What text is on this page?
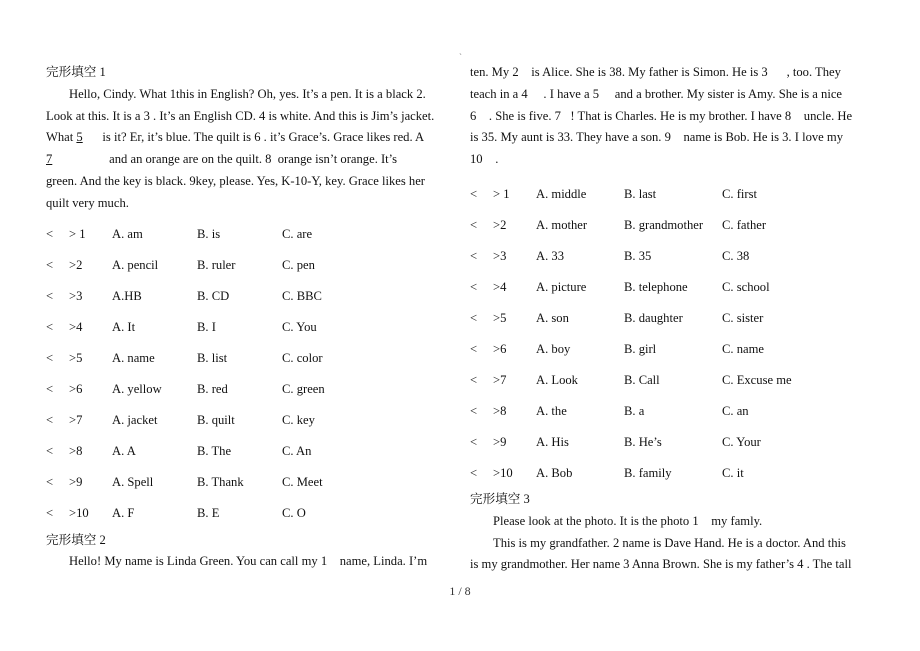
`
完形填空 1
Hello, Cindy. What 1this in English? Oh, yes. It’s a pen. It is a black 2.
Look at this. It is a 3 . It’s an English CD. 4 is white. And this is Jim’s jacket.
What 5 is it? Er, it’s blue. The quilt is 6 . it’s Grace’s. Grace likes red. A
7	and an orange are on the quilt. 8  orange isn’t orange. It’s
green. And the key is black. 9key, please. Yes, K-10-Y, key. Grace likes her
quilt very much.
<	> 1	A. am	B. is	C. are
<	>2	A. pencil	B. ruler	C. pen
<	>3	A.HB	B. CD	C. BBC
<	>4	A. It	B. I	C. You
<	>5	A. name	B. list	C. color
<	>6	A. yellow	B. red	C. green
<	>7	A. jacket	B. quilt	C. key
<	>8	A. A	B. The	C. An
<	>9	A. Spell	B. Thank	C. Meet
<	>10	A. F	B. E	C. O
完形填空 2
Hello! My name is Linda Green. You can call my 1    name, Linda. I’m
ten. My 2    is Alice. She is 38. My father is Simon. He is 3      , too. They
teach in a 4     . I have a 5     and a brother. My sister is Amy. She is a nice
6    . She is five. 7   ! That is Charles. He is my brother. I have 8    uncle. He
is 35. My aunt is 33. They have a son. 9    name is Bob. He is 3. I love my
10    .
<	> 1	A. middle	B. last	C. first
<	>2	A. mother	B. grandmother	C. father
<	>3	A. 33	B. 35	C. 38
<	>4	A. picture	B. telephone	C. school
<	>5	A. son	B. daughter	C. sister
<	>6	A. boy	B. girl	C. name
<	>7	A. Look	B. Call	C. Excuse me
<	>8	A. the	B. a	C. an
<	>9	A. His	B. He’s	C. Your
<	>10	A. Bob	B. family	C. it
完形填空 3
Please look at the photo. It is the photo 1    my famly.
This is my grandfather. 2 name is Dave Hand. He is a doctor. And this
is my grandmother. Her name 3 Anna Brown. She is my father’s 4 . The tall
1 / 8
